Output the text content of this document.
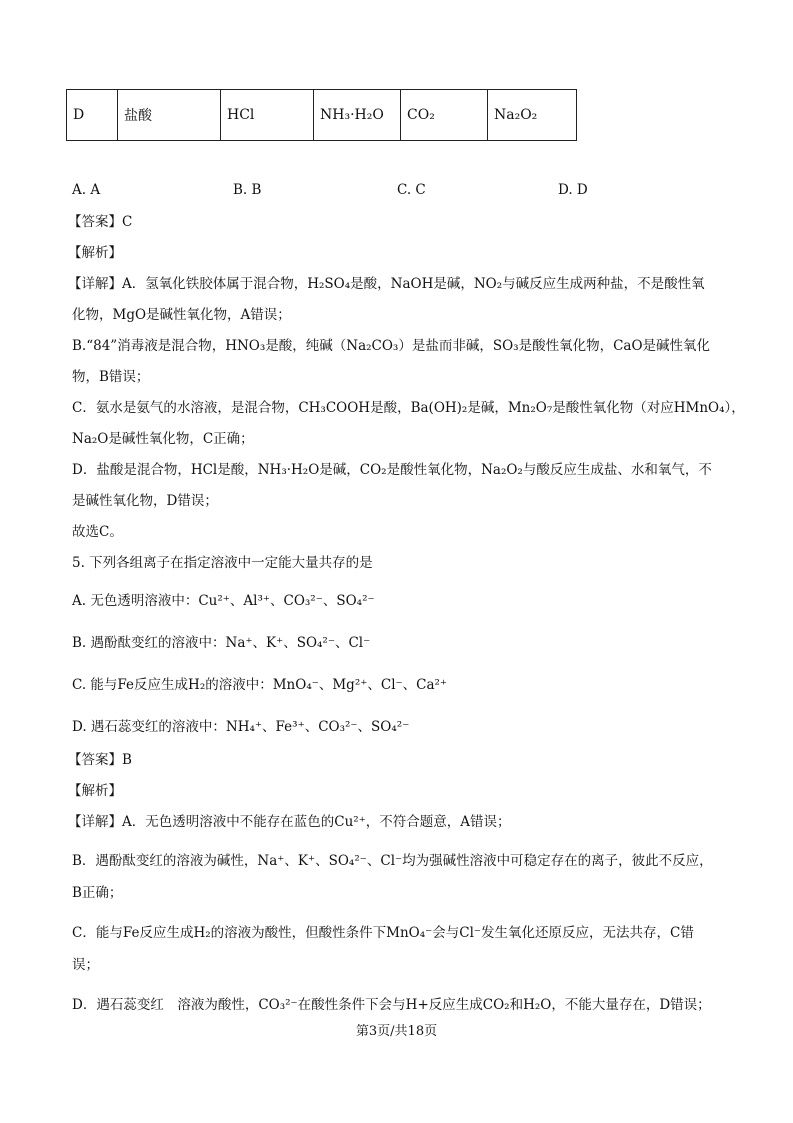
D	盐酸	HCl	NH₃·H₂O	CO₂	Na₂O₂
A. A	B. B	C. C	D. D
【答案】C
【解析】
【详解】A．氢氧化铁胶体属于混合物，H₂SO₄是酸，NaOH是碱，NO₂与碱反应生成两种盐，不是酸性氧
化物，MgO是碱性氧化物，A错误；
B.“84”消毒液是混合物，HNO₃是酸，纯碱（Na₂CO₃）是盐而非碱，SO₃是酸性氧化物，CaO是碱性氧化
物，B错误；
C．氨水是氨气的水溶液，是混合物，CH₃COOH是酸，Ba(OH)₂是碱，Mn₂O₇是酸性氧化物（对应HMnO₄），
Na₂O是碱性氧化物，C正确；
D．盐酸是混合物，HCl是酸，NH₃·H₂O是碱，CO₂是酸性氧化物，Na₂O₂与酸反应生成盐、水和氧气，不
是碱性氧化物，D错误；
故选C。
5. 下列各组离子在指定溶液中一定能大量共存的是
A. 无色透明溶液中：Cu²⁺、Al³⁺、CO₃²⁻、SO₄²⁻
B. 遇酚酞变红的溶液中：Na⁺、K⁺、SO₄²⁻、Cl⁻
C. 能与Fe反应生成H₂的溶液中：MnO₄⁻、Mg²⁺、Cl⁻、Ca²⁺
D. 遇石蕊变红的溶液中：NH₄⁺、Fe³⁺、CO₃²⁻、SO₄²⁻
【答案】B
【解析】
【详解】A．无色透明溶液中不能存在蓝色的Cu²⁺，不符合题意，A错误；
B．遇酚酞变红的溶液为碱性，Na⁺、K⁺、SO₄²⁻、Cl⁻均为强碱性溶液中可稳定存在的离子，彼此不反应，
B正确；
C．能与Fe反应生成H₂的溶液为酸性，但酸性条件下MnO₄⁻会与Cl⁻发生氧化还原反应，无法共存，C错
误；
D．遇石蕊变红　溶液为酸性，CO₃²⁻在酸性条件下会与H+反应生成CO₂和H₂O，不能大量存在，D错误；
第3页/共18页
